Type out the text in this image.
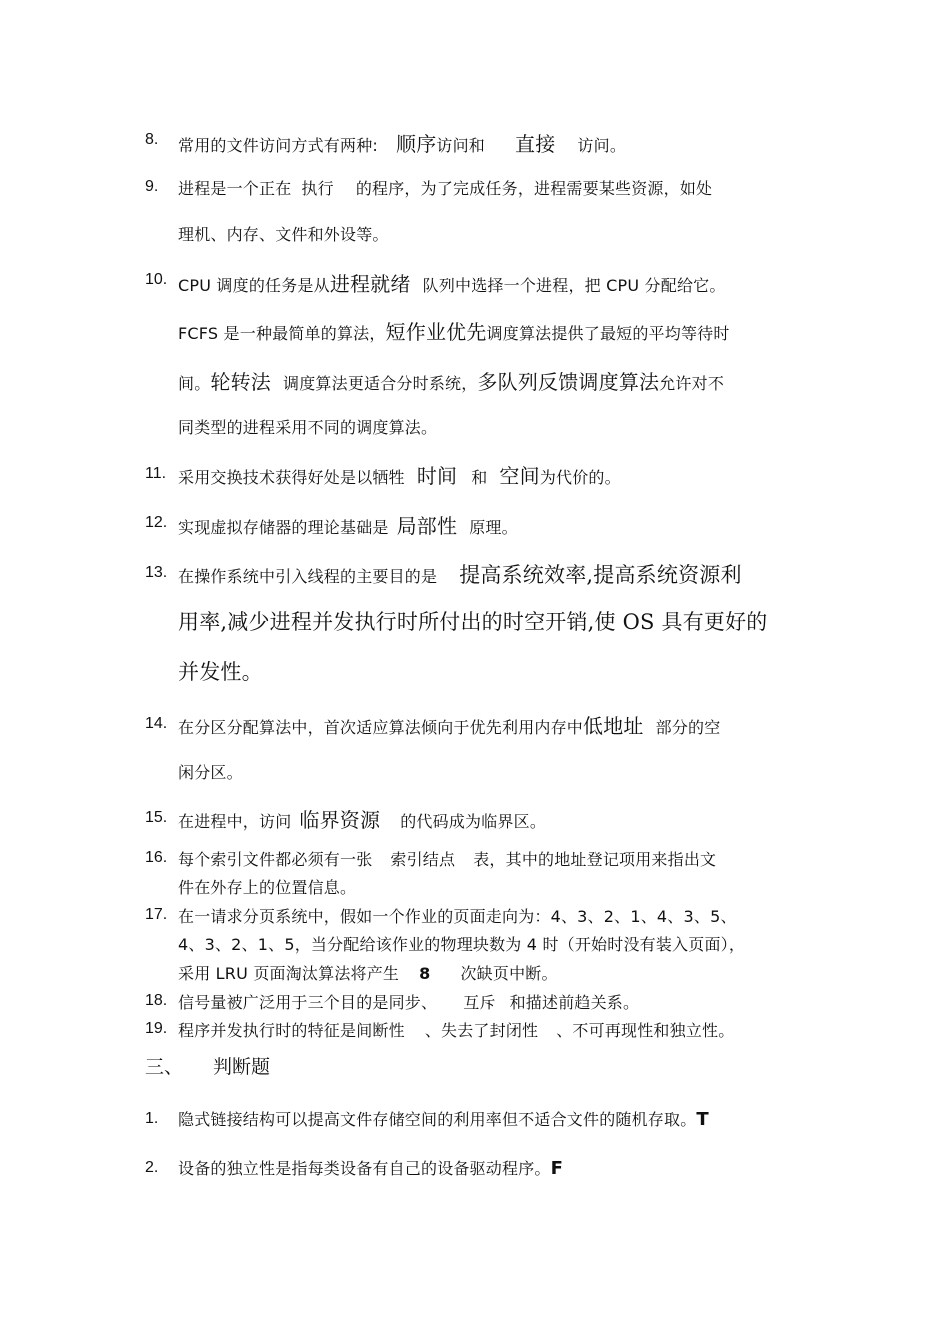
8. 常用的文件访问方式有两种: 顺序访问和 直接 访问。
9. 进程是一个正在 执行 的程序，为了完成任务，进程需要某些资源，如处
理机、内存、文件和外设等。
10. CPU 调度的任务是从进程就绪 队列中选择一个进程，把 CPU 分配给它。
FCFS 是一种最简单的算法，短作业优先调度算法提供了最短的平均等待时
间。轮转法 调度算法更适合分时系统，多队列反馈调度算法允许对不
同类型的进程采用不同的调度算法。
11. 采用交换技术获得好处是以牺牲 时间 和 空间为代价的。
12. 实现虚拟存储器的理论基础是 局部性 原理。
13. 在操作系统中引入线程的主要目的是 提高系统效率,提高系统资源利
用率,减少进程并发执行时所付出的时空开销,使 OS 具有更好的
并发性。
14. 在分区分配算法中，首次适应算法倾向于优先利用内存中低地址 部分的空
闲分区。
15. 在进程中，访问 临界资源 的代码成为临界区。
16. 每个索引文件都必须有一张 索引结点 表，其中的地址登记项用来指出文
件在外存上的位置信息。
17. 在一请求分页系统中，假如一个作业的页面走向为：4、3、2、1、4、3、5、
4、3、2、1、5，当分配给该作业的物理块数为 4 时（开始时没有装入页面），
采用 LRU 页面淘汰算法将产生 8 次缺页中断。
18. 信号量被广泛用于三个目的是同步、 互斥 和描述前趋关系。
19. 程序并发执行时的特征是间断性 、失去了封闭性 、不可再现性和独立性。
三、 判断题
1. 隐式链接结构可以提高文件存储空间的利用率但不适合文件的随机存取。T
2. 设备的独立性是指每类设备有自己的设备驱动程序。F
